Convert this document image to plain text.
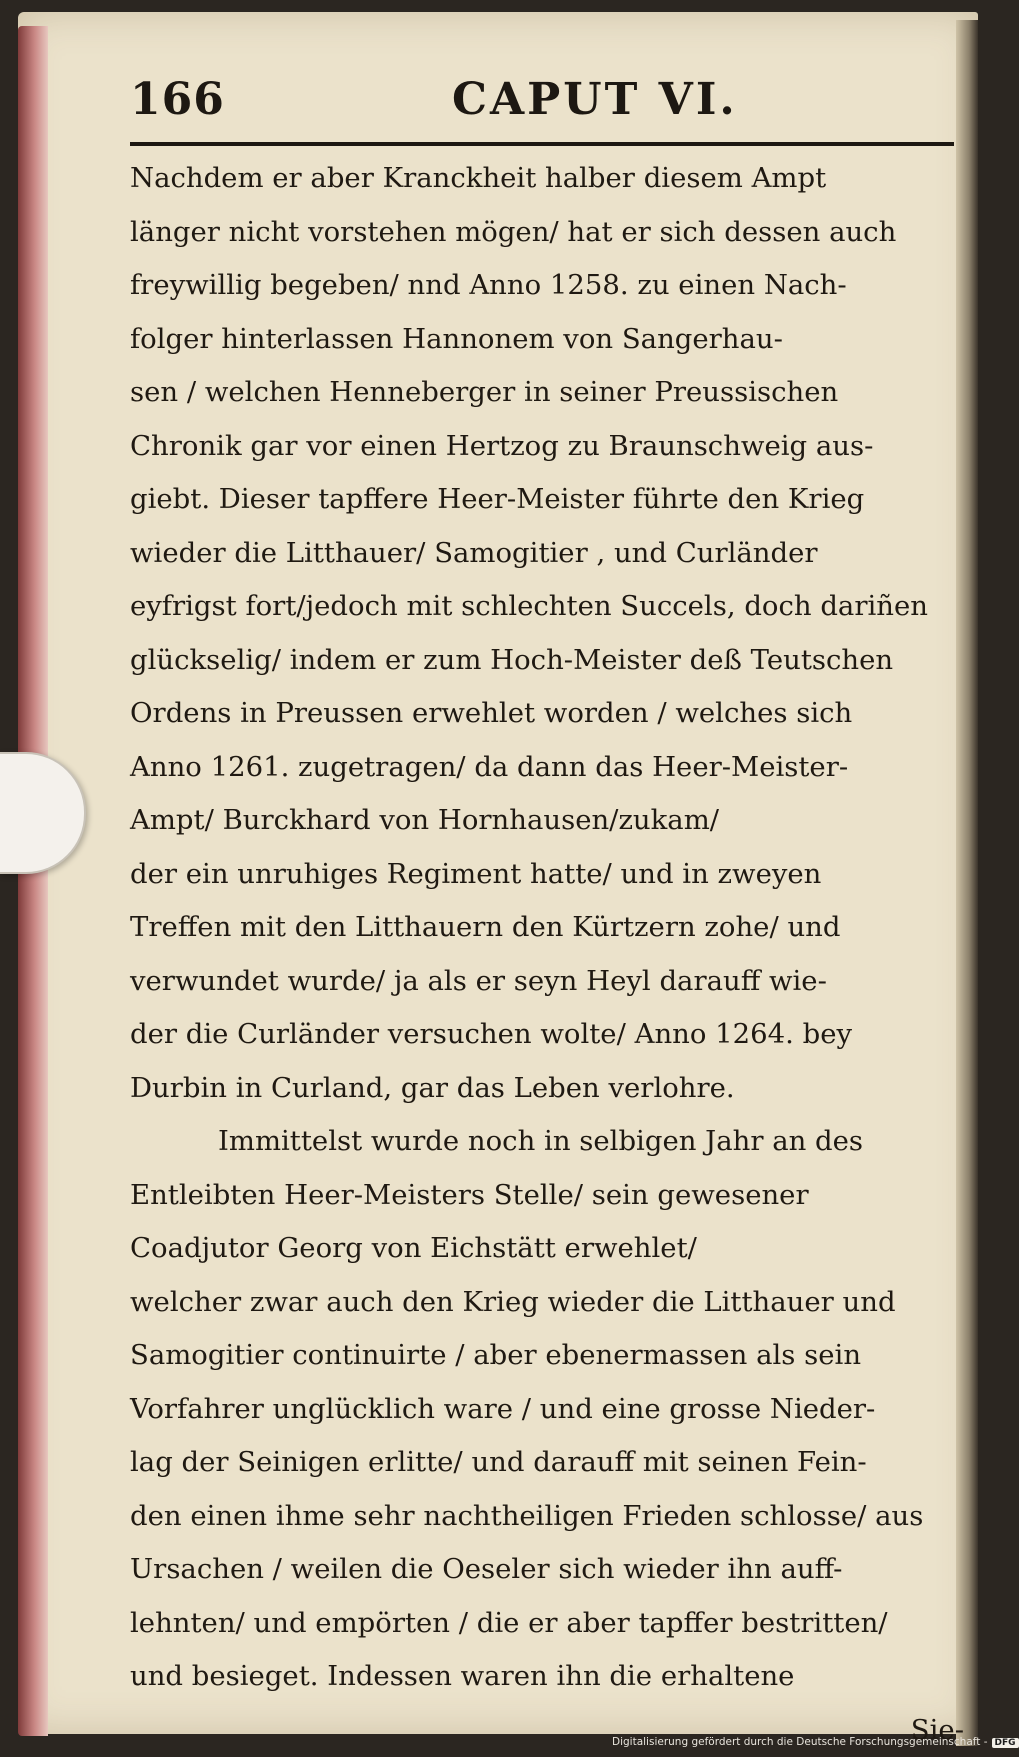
166	CAPUT VI.
Nachdem er aber Kranckheit halber diesem Ampt
länger nicht vorstehen mögen/ hat er sich dessen auch
freywillig begeben/ nnd Anno 1258. zu einen Nach-
folger hinterlassen Hannonem von Sangerhau-
sen / welchen Henneberger in seiner Preussischen
Chronik gar vor einen Hertzog zu Braunschweig aus-
giebt. Dieser tapffere Heer-Meister führte den Krieg
wieder die Litthauer/ Samogitier , und Curländer
eyfrigst fort/jedoch mit schlechten Succels, doch dariñen
glückselig/ indem er zum Hoch-Meister deß Teutschen
Ordens in Preussen erwehlet worden / welches sich
Anno 1261. zugetragen/ da dann das Heer-Meister-
Ampt/ Burckhard von Hornhausen/zukam/
der ein unruhiges Regiment hatte/ und in zweyen
Treffen mit den Litthauern den Kürtzern zohe/ und
verwundet wurde/ ja als er seyn Heyl darauff wie-
der die Curländer versuchen wolte/ Anno 1264. bey
Durbin in Curland, gar das Leben verlohre.
Immittelst wurde noch in selbigen Jahr an des
Entleibten Heer-Meisters Stelle/ sein gewesener
Coadjutor Georg von Eichstätt erwehlet/
welcher zwar auch den Krieg wieder die Litthauer und
Samogitier continuirte / aber ebenermassen als sein
Vorfahrer unglücklich ware / und eine grosse Nieder-
lag der Seinigen erlitte/ und darauff mit seinen Fein-
den einen ihme sehr nachtheiligen Frieden schlosse/ aus
Ursachen / weilen die Oeseler sich wieder ihn auff-
lehnten/ und empörten / die er aber tapffer bestritten/
und besieget. Indessen waren ihn die erhaltene
Sie-
Digitalisierung gefördert durch die Deutsche Forschungsgemeinschaft - DFG
